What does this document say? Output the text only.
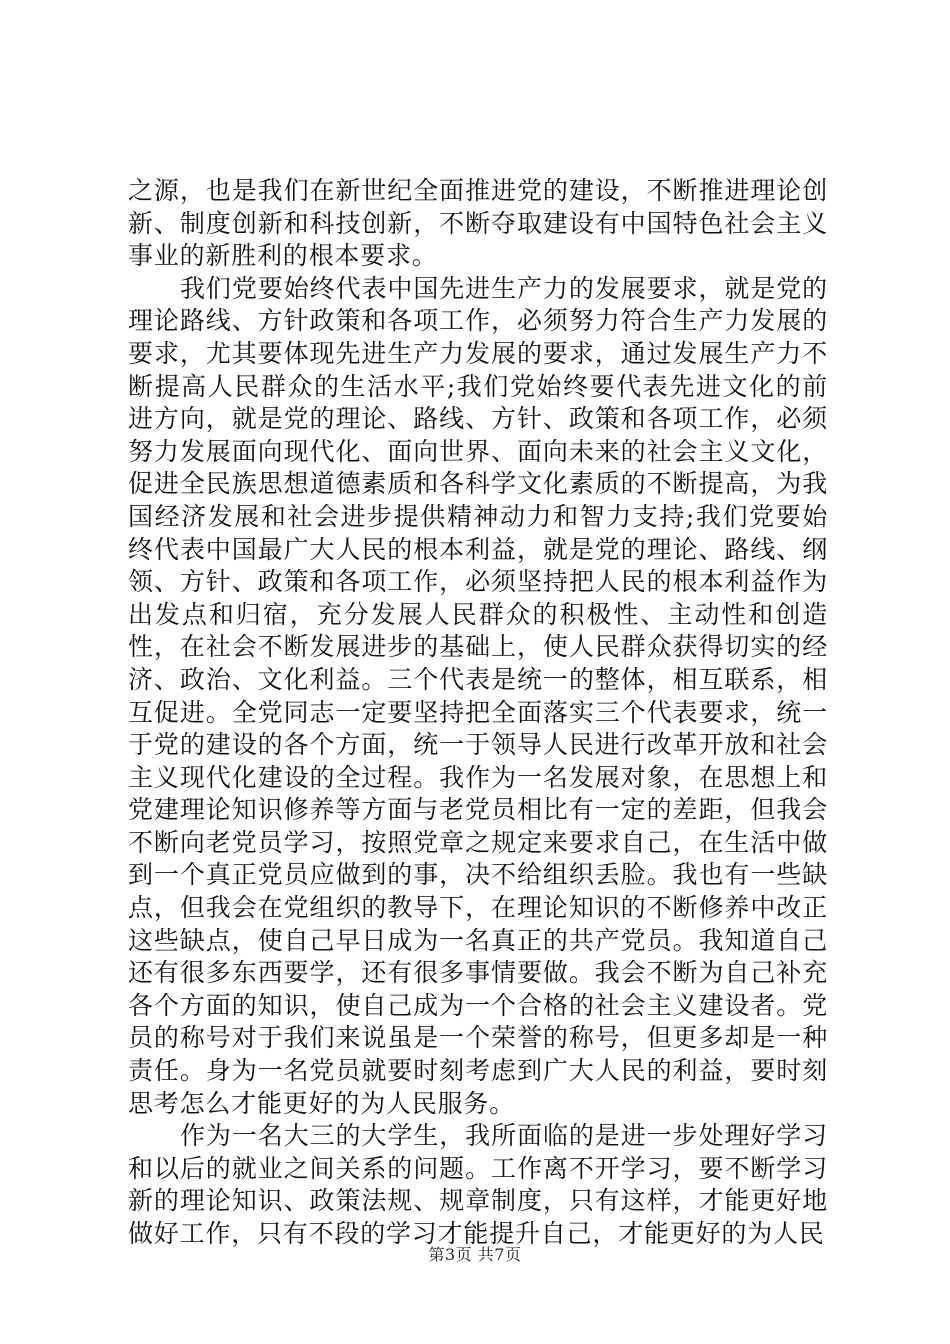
之源，也是我们在新世纪全面推进党的建设，不断推进理论创新、制度创新和科技创新，不断夺取建设有中国特色社会主义事业的新胜利的根本要求。

我们党要始终代表中国先进生产力的发展要求，就是党的理论路线、方针政策和各项工作，必须努力符合生产力发展的要求，尤其要体现先进生产力发展的要求，通过发展生产力不断提高人民群众的生活水平;我们党始终要代表先进文化的前进方向，就是党的理论、路线、方针、政策和各项工作，必须努力发展面向现代化、面向世界、面向未来的社会主义文化，促进全民族思想道德素质和各科学文化素质的不断提高，为我国经济发展和社会进步提供精神动力和智力支持;我们党要始终代表中国最广大人民的根本利益，就是党的理论、路线、纲领、方针、政策和各项工作，必须坚持把人民的根本利益作为出发点和归宿，充分发展人民群众的积极性、主动性和创造性，在社会不断发展进步的基础上，使人民群众获得切实的经济、政治、文化利益。三个代表是统一的整体，相互联系，相互促进。全党同志一定要坚持把全面落实三个代表要求，统一于党的建设的各个方面，统一于领导人民进行改革开放和社会主义现代化建设的全过程。我作为一名发展对象，在思想上和党建理论知识修养等方面与老党员相比有一定的差距，但我会不断向老党员学习，按照党章之规定来要求自己，在生活中做到一个真正党员应做到的事，决不给组织丢脸。我也有一些缺点，但我会在党组织的教导下，在理论知识的不断修养中改正这些缺点，使自己早日成为一名真正的共产党员。我知道自己还有很多东西要学，还有很多事情要做。我会不断为自己补充各个方面的知识，使自己成为一个合格的社会主义建设者。党员的称号对于我们来说虽是一个荣誉的称号，但更多却是一种责任。身为一名党员就要时刻考虑到广大人民的利益，要时刻思考怎么才能更好的为人民服务。

作为一名大三的大学生，我所面临的是进一步处理好学习和以后的就业之间关系的问题。工作离不开学习，要不断学习新的理论知识、政策法规、规章制度，只有这样，才能更好地做好工作，只有不段的学习才能提升自己，才能更好的为人民

第3页 共7页
